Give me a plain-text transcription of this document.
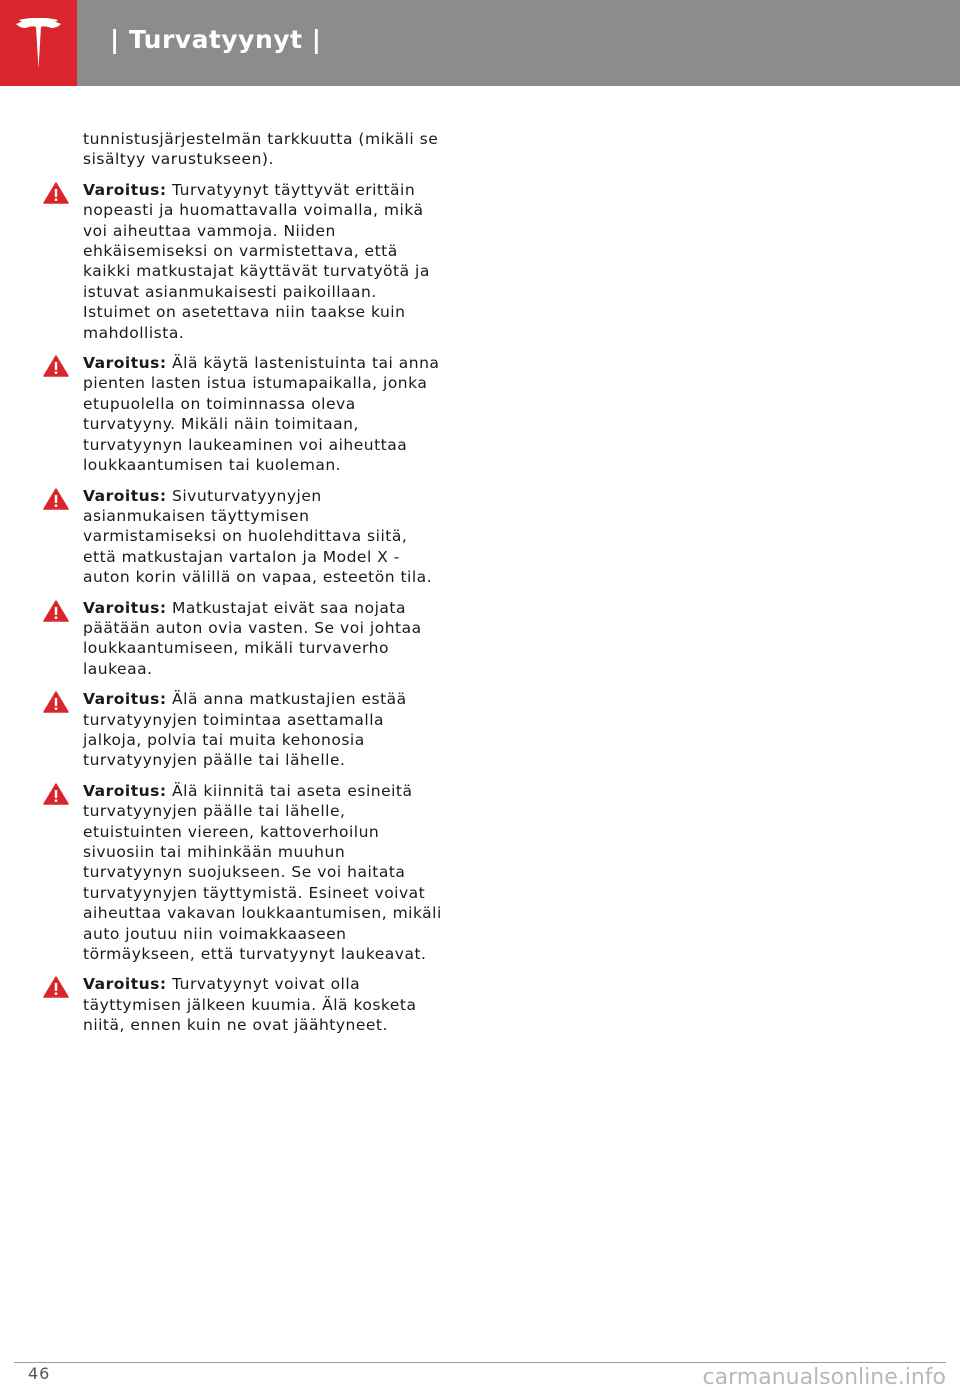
| Turvatyynyt |

tunnistusjärjestelmän tarkkuutta (mikäli se sisältyy varustukseen).

Varoitus: Turvatyynyt täyttyvät erittäin nopeasti ja huomattavalla voimalla, mikä voi aiheuttaa vammoja. Niiden ehkäisemiseksi on varmistettava, että kaikki matkustajat käyttävät turvatyötä ja istuvat asianmukaisesti paikoillaan. Istuimet on asetettava niin taakse kuin mahdollista.
Varoitus: Älä käytä lastenistuinta tai anna pienten lasten istua istumapaikalla, jonka etupuolella on toiminnassa oleva turvatyyny. Mikäli näin toimitaan, turvatyynyn laukeaminen voi aiheuttaa loukkaantumisen tai kuoleman.
Varoitus: Sivuturvatyynyjen asianmukaisen täyttymisen varmistamiseksi on huolehdittava siitä, että matkustajan vartalon ja Model X -auton korin välillä on vapaa, esteetön tila.
Varoitus: Matkustajat eivät saa nojata päätään auton ovia vasten. Se voi johtaa loukkaantumiseen, mikäli turvaverho laukeaa.
Varoitus: Älä anna matkustajien estää turvatyynyjen toimintaa asettamalla jalkoja, polvia tai muita kehonosia turvatyynyjen päälle tai lähelle.
Varoitus: Älä kiinnitä tai aseta esineitä turvatyynyjen päälle tai lähelle, etuistuinten viereen, kattoverhoilun sivuosiin tai mihinkään muuhun turvatyynyn suojukseen. Se voi haitata turvatyynyjen täyttymistä. Esineet voivat aiheuttaa vakavan loukkaantumisen, mikäli auto joutuu niin voimakkaaseen törmäykseen, että turvatyynyt laukeavat.
Varoitus: Turvatyynyt voivat olla täyttymisen jälkeen kuumia. Älä kosketa niitä, ennen kuin ne ovat jäähtyneet.
46	carmanualsonline.info
